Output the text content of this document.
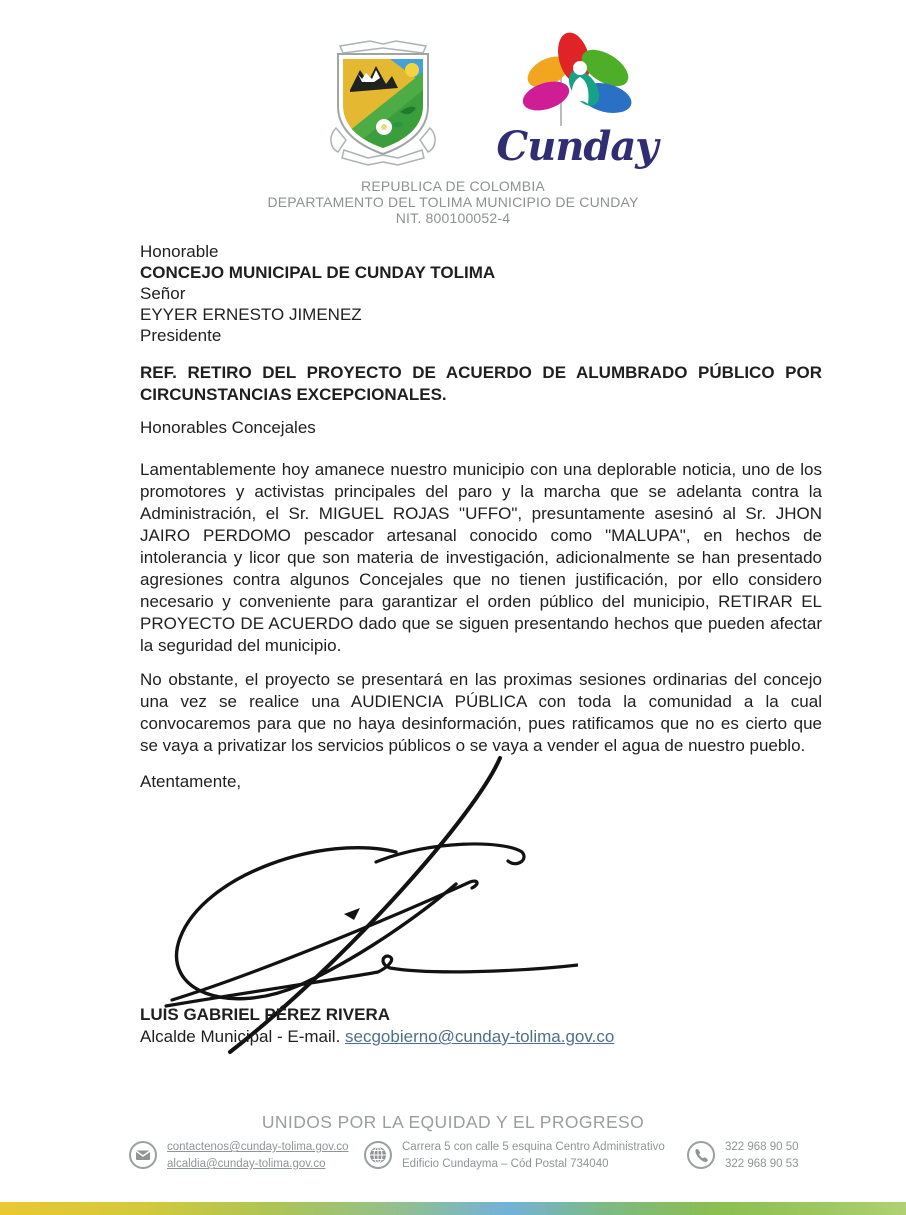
Cunday
REPUBLICA DE COLOMBIA
DEPARTAMENTO DEL TOLIMA MUNICIPIO DE CUNDAY
NIT. 800100052-4
Honorable
CONCEJO MUNICIPAL DE CUNDAY TOLIMA
Señor
EYYER ERNESTO JIMENEZ
Presidente
REF. RETIRO DEL PROYECTO DE ACUERDO DE ALUMBRADO PÚBLICO POR CIRCUNSTANCIAS EXCEPCIONALES.
Honorables Concejales

Lamentablemente hoy amanece nuestro municipio con una deplorable noticia, uno de los promotores y activistas principales del paro y la marcha que se adelanta contra la Administración, el Sr. MIGUEL ROJAS "UFFO", presuntamente asesinó al Sr. JHON JAIRO PERDOMO pescador artesanal conocido como "MALUPA", en hechos de intolerancia y licor que son materia de investigación, adicionalmente se han presentado agresiones contra algunos Concejales que no tienen justificación, por ello considero necesario y conveniente para garantizar el orden público del municipio, RETIRAR EL PROYECTO DE ACUERDO dado que se siguen presentando hechos que pueden afectar la seguridad del municipio.

No obstante, el proyecto se presentará en las proximas sesiones ordinarias del concejo una vez se realice una AUDIENCIA PÚBLICA con toda la comunidad a la cual convocaremos para que no haya desinformación, pues ratificamos que no es cierto que se vaya a privatizar los servicios públicos o se vaya a vender el agua de nuestro pueblo.

Atentamente,
LUIS GABRIEL PÉREZ RIVERA
Alcalde Municipal - E-mail. secgobierno@cunday-tolima.gov.co
UNIDOS POR LA EQUIDAD Y EL PROGRESO
contactenos@cunday-tolima.gov.co
alcaldia@cunday-tolima.gov.co
Carrera 5 con calle 5 esquina Centro Administrativo
Edificio Cundayma – Cód Postal 734040
322 968 90 50
322 968 90 53
